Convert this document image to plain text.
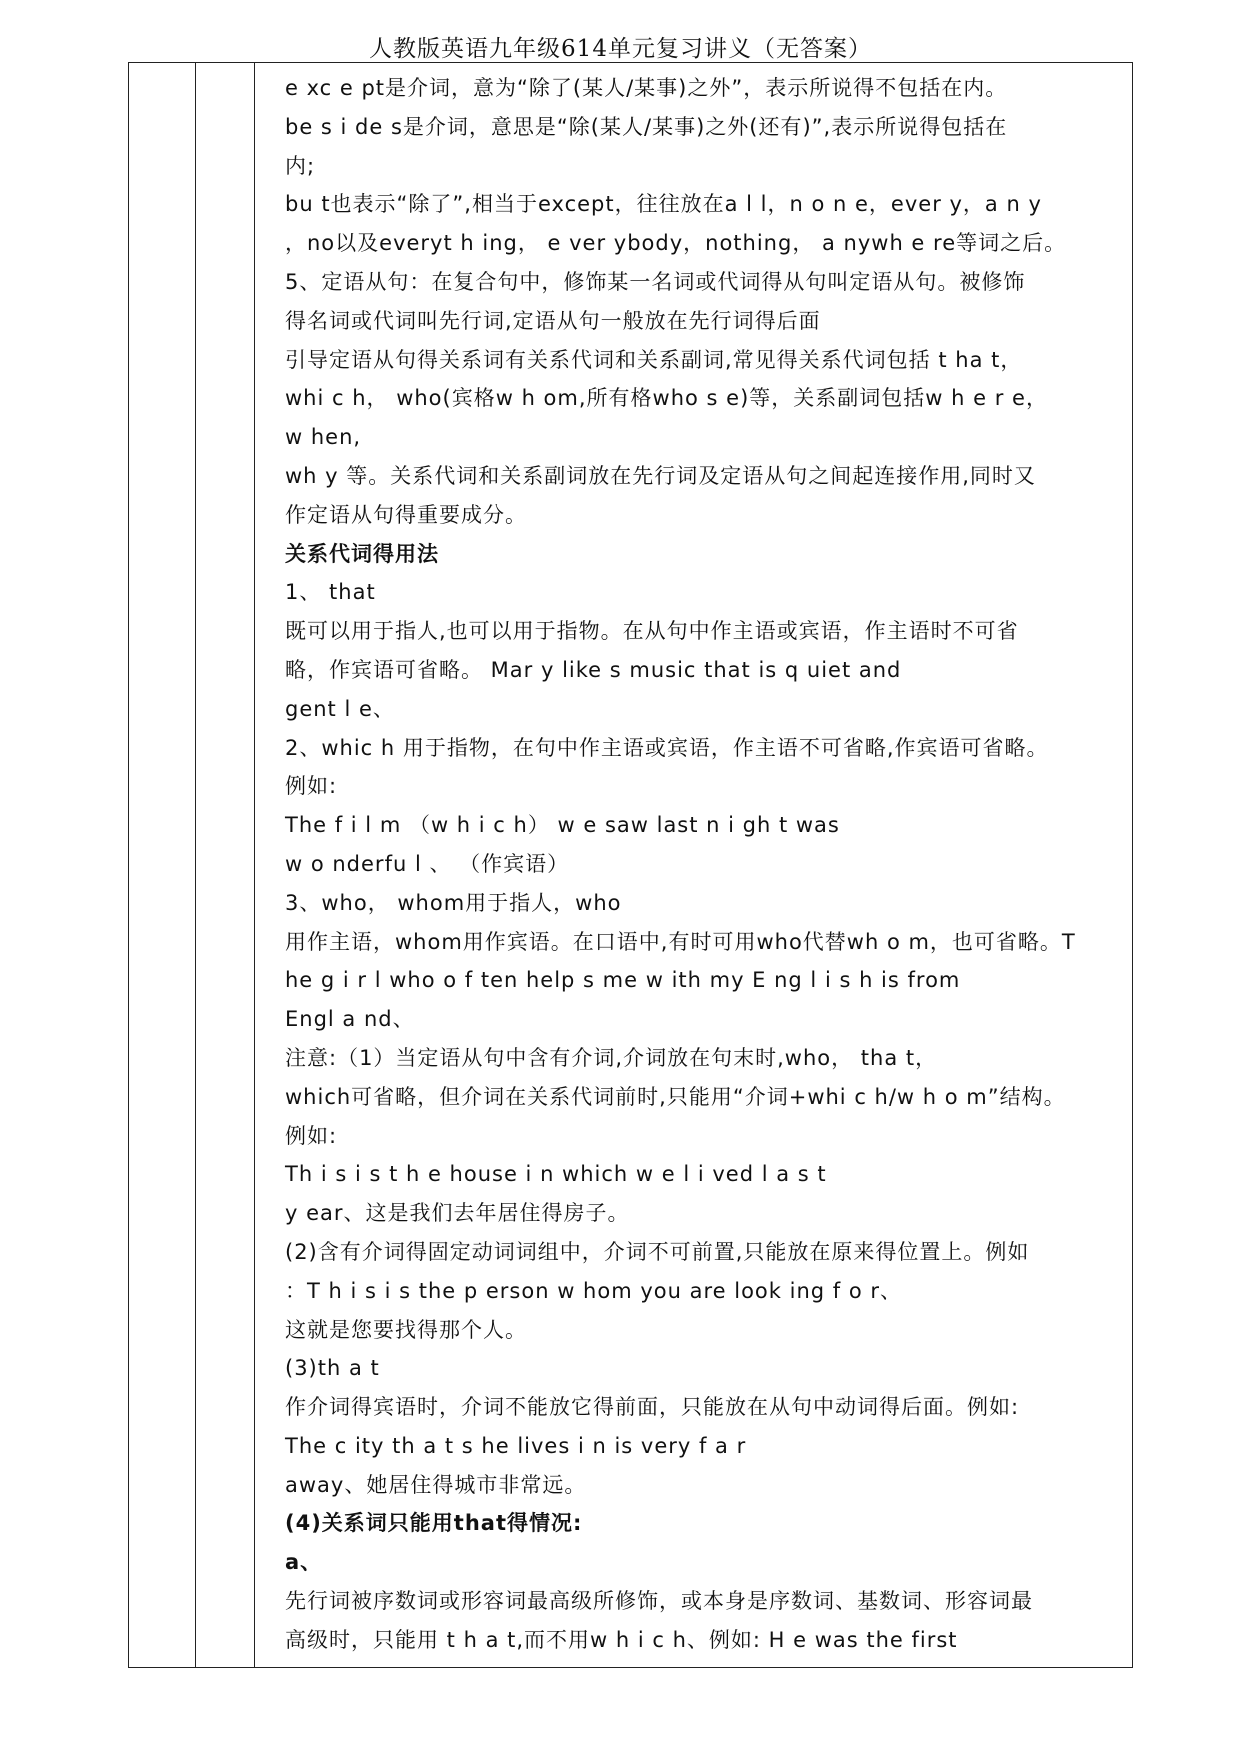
人教版英语九年级614单元复习讲义（无答案）
e xc e pt是介词，意为“除了(某人/某事)之外”，表示所说得不包括在内。
be s i de s是介词，意思是“除(某人/某事)之外(还有)”,表示所说得包括在
内;
bu t也表示“除了”,相当于except，往往放在a l l，n o n e，ever y，a n y
，no以及everyt h ing， e ver ybody，nothing， a nywh e re等词之后。
5、定语从句：在复合句中，修饰某一名词或代词得从句叫定语从句。被修饰
得名词或代词叫先行词,定语从句一般放在先行词得后面
引导定语从句得关系词有关系代词和关系副词,常见得关系代词包括 t ha t，
whi c h， who(宾格w h om,所有格who s e)等，关系副词包括w h e r e，
w hen,
wh y 等。关系代词和关系副词放在先行词及定语从句之间起连接作用,同时又
作定语从句得重要成分。
关系代词得用法
1、 that
既可以用于指人,也可以用于指物。在从句中作主语或宾语，作主语时不可省
略，作宾语可省略。 Mar y like s music that is q uiet and
gent l e、
2、whic h 用于指物，在句中作主语或宾语，作主语不可省略,作宾语可省略。
例如:
The f i l m （w h i c h） w e saw last n i gh t was
w o nderfu l 、 （作宾语）
3、who， whom用于指人，who
用作主语，whom用作宾语。在口语中,有时可用who代替wh o m，也可省略。T
he g i r l who o f ten help s me w ith my E ng l i s h is from
Engl a nd、
注意:（1）当定语从句中含有介词,介词放在句末时,who， tha t，
which可省略，但介词在关系代词前时,只能用“介词+whi c h/w h o m”结构。
例如:
Th i s i s t h e house i n which w e l i ved l a s t
y ear、这是我们去年居住得房子。
(2)含有介词得固定动词词组中，介词不可前置,只能放在原来得位置上。例如
：T h i s i s the p erson w hom you are look ing f o r、
这就是您要找得那个人。
(3)th a t
作介词得宾语时，介词不能放它得前面，只能放在从句中动词得后面。例如:
The c ity th a t s he lives i n is very f a r
away、她居住得城市非常远。
(4)关系词只能用that得情况:
a、
先行词被序数词或形容词最高级所修饰，或本身是序数词、基数词、形容词最
高级时，只能用 t h a t,而不用w h i c h、例如: H e was the first
